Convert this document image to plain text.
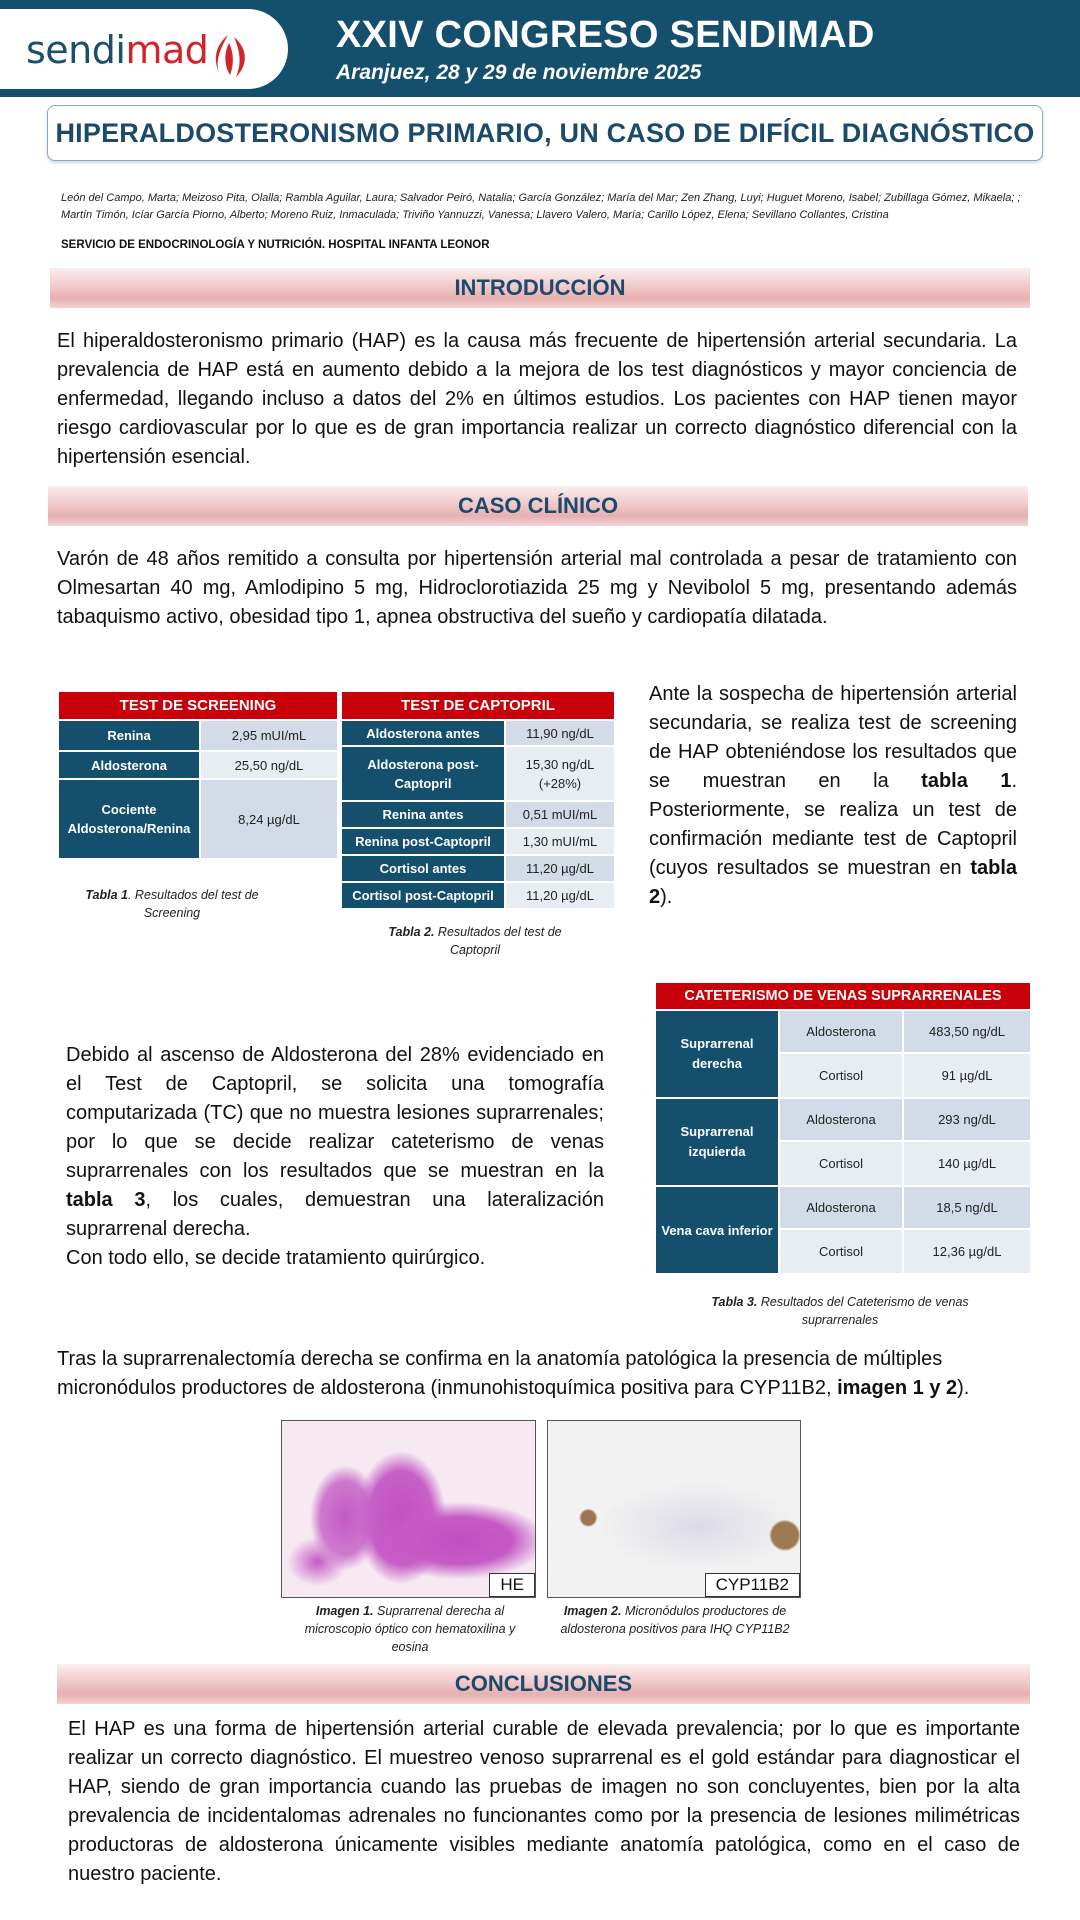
sendimad	XXIV CONGRESO SENDIMAD
Aranjuez, 28 y 29 de noviembre 2025
HIPERALDOSTERONISMO PRIMARIO, UN CASO DE DIFÍCIL DIAGNÓSTICO
León del Campo, Marta; Meizoso Pita, Olalla; Rambla Aguilar, Laura; Salvador Peiró, Natalia; García González; María del Mar; Zen Zhang, Luyi; Huguet Moreno, Isabel; Zubillaga Gómez, Mikaela; ; Martín Timón, Icíar García Piorno, Alberto; Moreno Ruiz, Inmaculada; Triviño Yannuzzi, Vanessa; Llavero Valero, María; Carillo López, Elena; Sevillano Collantes, Cristina
SERVICIO DE ENDOCRINOLOGÍA Y NUTRICIÓN. HOSPITAL INFANTA LEONOR
INTRODUCCIÓN
El hiperaldosteronismo primario (HAP) es la causa más frecuente de hipertensión arterial secundaria. La prevalencia de HAP está en aumento debido a la mejora de los test diagnósticos y mayor conciencia de enfermedad, llegando incluso a datos del 2% en últimos estudios. Los pacientes con HAP tienen mayor riesgo cardiovascular por lo que es de gran importancia realizar un correcto diagnóstico diferencial con la hipertensión esencial.
CASO CLÍNICO
Varón de 48 años remitido a consulta por hipertensión arterial mal controlada a pesar de tratamiento con Olmesartan 40 mg, Amlodipino 5 mg, Hidroclorotiazida 25 mg y Nevibolol 5 mg, presentando además tabaquismo activo, obesidad tipo 1, apnea obstructiva del sueño y cardiopatía dilatada.
TEST DE SCREENING	
Renina	2,95 mUI/mL
Aldosterona	25,50 ng/dL
Cociente Aldosterona/Renina	8,24 µg/dL
Tabla 1. Resultados del test de Screening
TEST DE CAPTOPRIL	
Aldosterona antes	11,90 ng/dL
Aldosterona post-Captopril	15,30 ng/dL (+28%)
Renina antes	0,51 mUI/mL
Renina post-Captopril	1,30 mUI/mL
Cortisol antes	11,20 µg/dL
Cortisol post-Captopril	11,20 µg/dL
Tabla 2. Resultados del test de Captopril
Ante la sospecha de hipertensión arterial secundaria, se realiza test de screening de HAP obteniéndose los resultados que se muestran en la tabla 1. Posteriormente, se realiza un test de confirmación mediante test de Captopril (cuyos resultados se muestran en tabla 2).
CATETERISMO DE VENAS SUPRARRENALES		
Suprarrenal derecha	Aldosterona	483,50 ng/dL
	Cortisol	91 µg/dL
Suprarrenal izquierda	Aldosterona	293 ng/dL
	Cortisol	140 µg/dL
Vena cava inferior	Aldosterona	18,5 ng/dL
	Cortisol	12,36 µg/dL
Tabla 3. Resultados del Cateterismo de venas suprarrenales
Debido al ascenso de Aldosterona del 28% evidenciado en el Test de Captopril, se solicita una tomografía computarizada (TC) que no muestra lesiones suprarrenales; por lo que se decide realizar cateterismo de venas suprarrenales con los resultados que se muestran en la tabla 3, los cuales, demuestran una lateralización suprarrenal derecha.
Con todo ello, se decide tratamiento quirúrgico.
Tras la suprarrenalectomía derecha se confirma en la anatomía patológica la presencia de múltiples micronódulos productores de aldosterona (inmunohistoquímica positiva para CYP11B2, imagen 1 y 2).
HE	CYP11B2
Imagen 1. Suprarrenal derecha al microscopio óptico con hematoxilina y eosina
Imagen 2. Micronódulos productores de aldosterona positivos para IHQ CYP11B2
CONCLUSIONES
El HAP es una forma de hipertensión arterial curable de elevada prevalencia; por lo que es importante realizar un correcto diagnóstico. El muestreo venoso suprarrenal es el gold estándar para diagnosticar el HAP, siendo de gran importancia cuando las pruebas de imagen no son concluyentes, bien por la alta prevalencia de incidentalomas adrenales no funcionantes como por la presencia de lesiones milimétricas productoras de aldosterona únicamente visibles mediante anatomía patológica, como en el caso de nuestro paciente.
